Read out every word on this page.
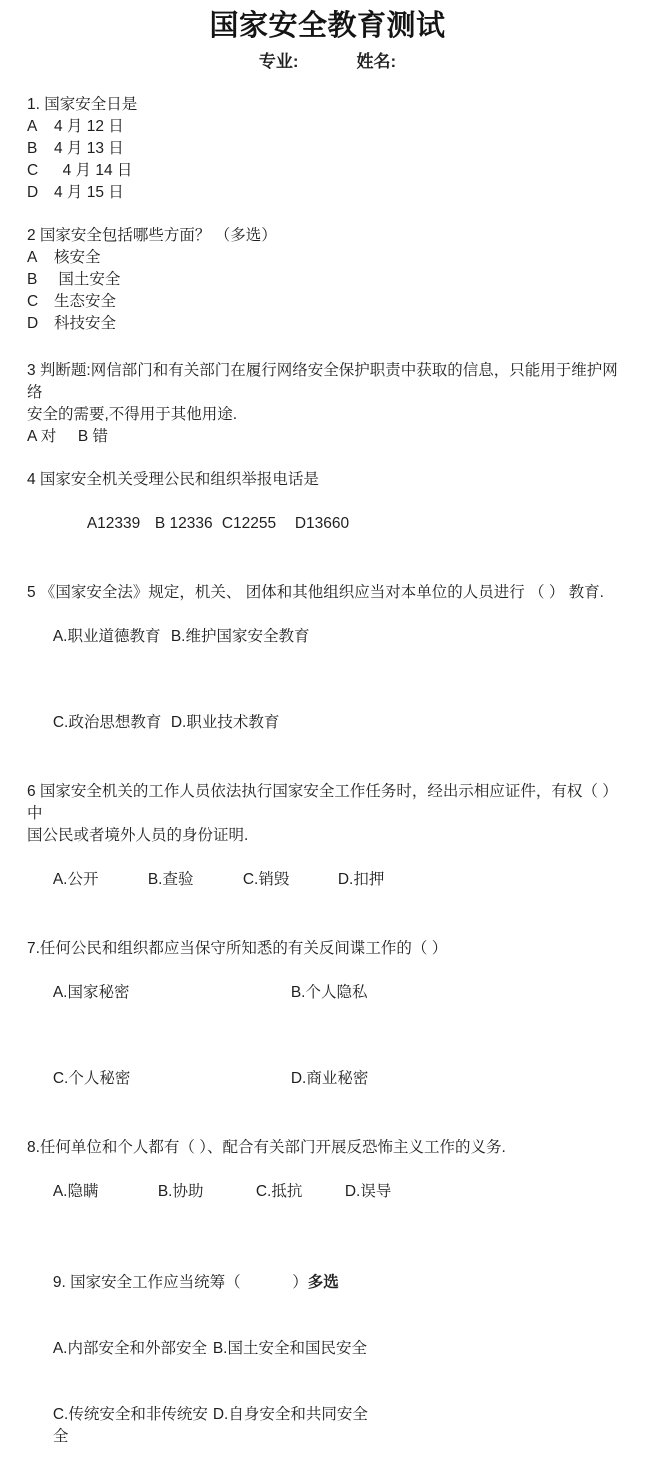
国家安全教育测试
专业:	姓名:
1. 国家安全日是
A	4 月 12 日
B	4 月 13 日
C	4 月 14 日
D	4 月 15 日
2 国家安全包括哪些方面？ （多选）
A	核安全
B	国土安全
C	生态安全
D	科技安全
3 判断题:网信部门和有关部门在履行网络安全保护职责中获取的信息，只能用于维护网络
安全的需要,不得用于其他用途.
A 对     B 错
4 国家安全机关受理公民和组织举报电话是

A12339 B 12336 C12255 D13660

5 《国家安全法》规定，机关、 团体和其他组织应当对本单位的人员进行 （ ） 教育.

A.职业道德教育 B.维护国家安全教育

C.政治思想教育 D.职业技术教育

6 国家安全机关的工作人员依法执行国家安全工作任务时，经出示相应证件，有权（ ）中
国公民或者境外人员的身份证明.

A.公开	B.查验	C.销毁	D.扣押

7.任何公民和组织都应当保守所知悉的有关反间谍工作的（ ）

A.国家秘密	B.个人隐私

C.个人秘密	D.商业秘密

8.任何单位和个人都有（ ）、配合有关部门开展反恐怖主义工作的义务.

A.隐瞒	B.协助	C.抵抗	D.误导

9. 国家安全工作应当统筹（            ）多选

A.内部安全和外部安全 B.国土安全和国民安全

C.传统安全和非传统安全D.自身安全和共同安全
